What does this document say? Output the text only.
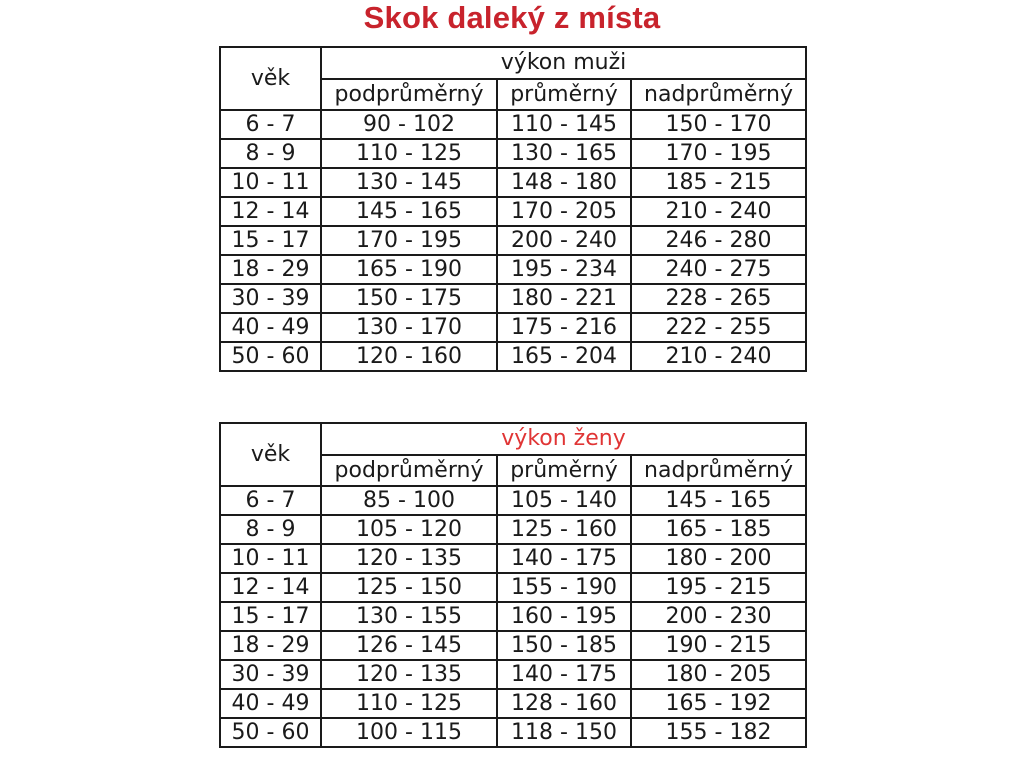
Skok daleký z místa
věk	výkon muži		
	podprůměrný	průměrný	nadprůměrný
6 - 7	90 - 102	110 - 145	150 - 170
8 - 9	110 - 125	130 - 165	170 - 195
10 - 11	130 - 145	148 - 180	185 - 215
12 - 14	145 - 165	170 - 205	210 - 240
15 - 17	170 - 195	200 - 240	246 - 280
18 - 29	165 - 190	195 - 234	240 - 275
30 - 39	150 - 175	180 - 221	228 - 265
40 - 49	130 - 170	175 - 216	222 - 255
50 - 60	120 - 160	165 - 204	210 - 240
věk	výkon ženy		
	podprůměrný	průměrný	nadprůměrný
6 - 7	85 - 100	105 - 140	145 - 165
8 - 9	105 - 120	125 - 160	165 - 185
10 - 11	120 - 135	140 - 175	180 - 200
12 - 14	125 - 150	155 - 190	195 - 215
15 - 17	130 - 155	160 - 195	200 - 230
18 - 29	126 - 145	150 - 185	190 - 215
30 - 39	120 - 135	140 - 175	180 - 205
40 - 49	110 - 125	128 - 160	165 - 192
50 - 60	100 - 115	118 - 150	155 - 182
